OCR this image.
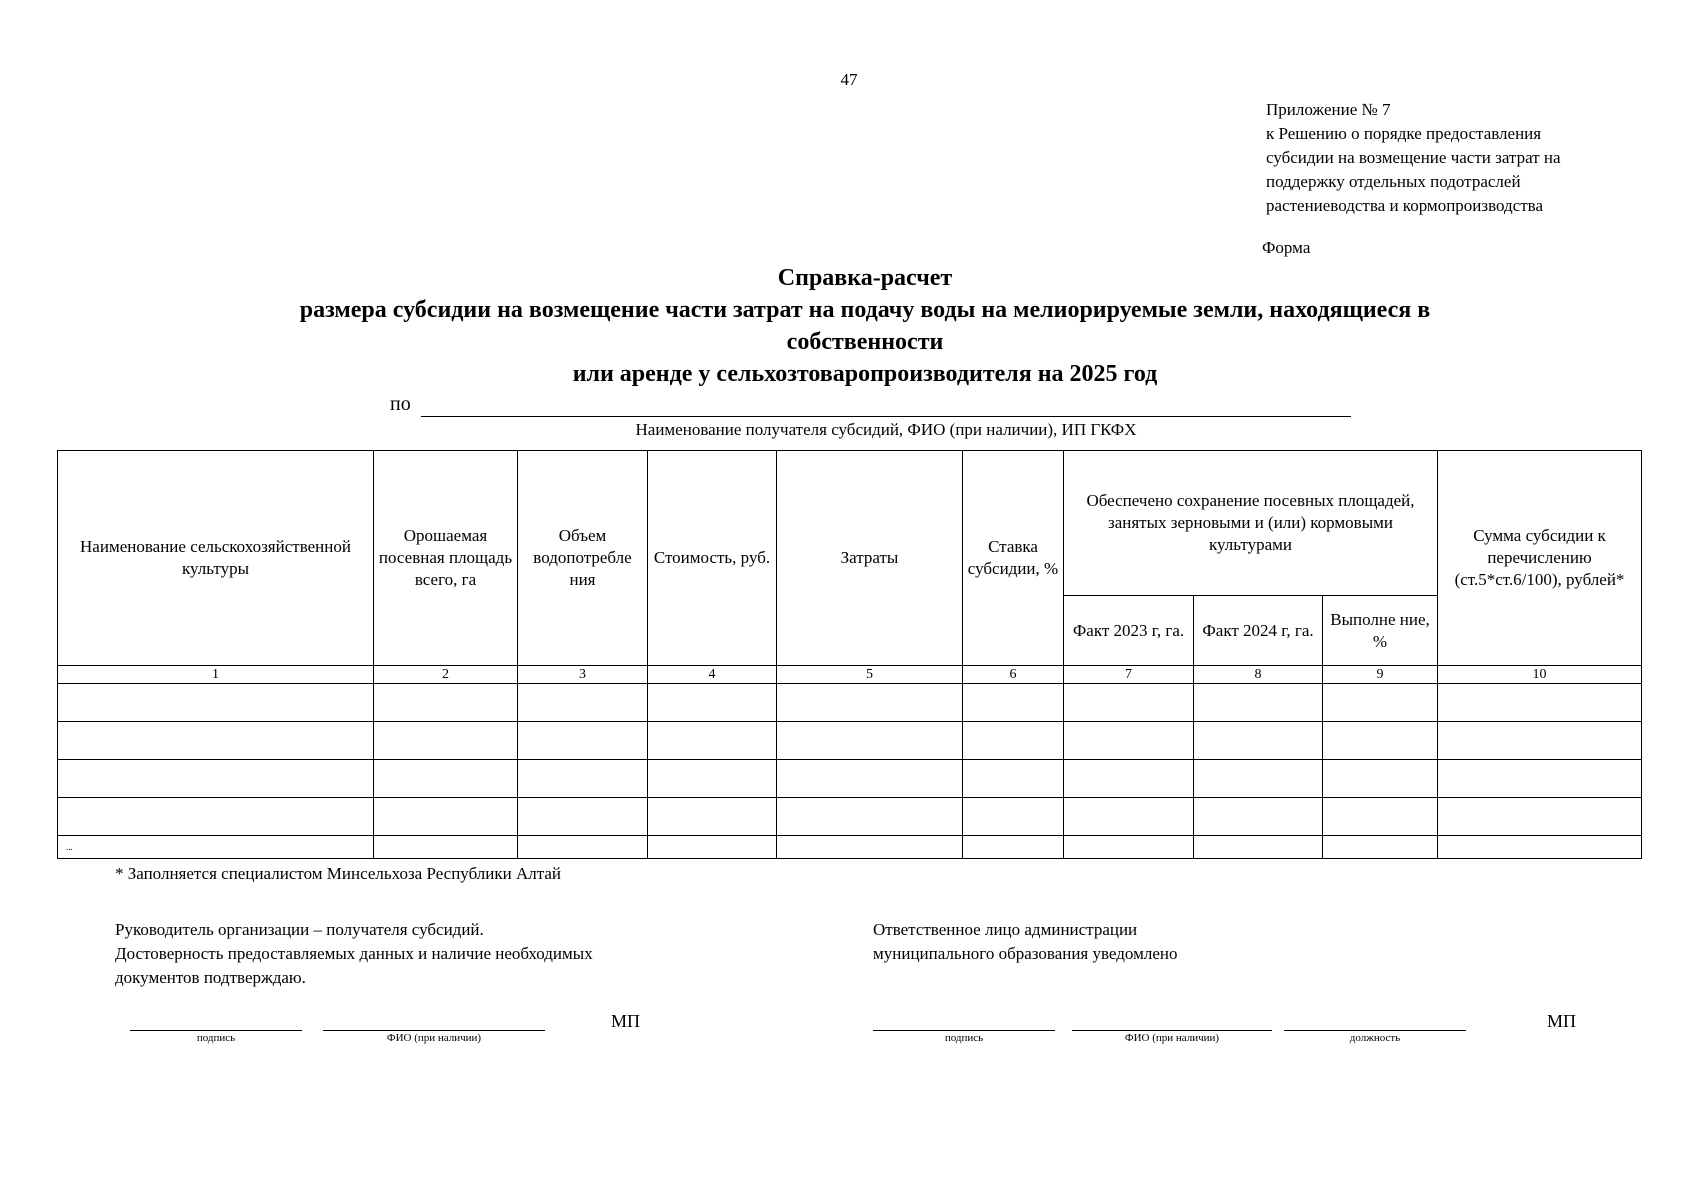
47
Приложение № 7
к Решению о порядке предоставления
субсидии на возмещение части затрат на
поддержку отдельных подотраслей
растениеводства и кормопроизводства
Форма
Справка-расчет
размера субсидии на возмещение части затрат на подачу воды на мелиорируемые земли, находящиеся в
собственности
или аренде у сельхозтоваропроизводителя на 2025 год
по
Наименование получателя субсидий, ФИО (при наличии), ИП ГКФХ
Наименование сельскохозяйственной культуры	Орошаемая посевная площадь всего, га	Объем водопотребле ния	Стоимость, руб.	Затраты	Ставка субсидии, %	Обеспечено сохранение посевных площадей, занятых зерновыми и (или) кормовыми культурами			Сумма субсидии к перечислению (ст.5*ст.6/100), рублей*
						Факт 2023 г, га.	Факт 2024 г, га.	Выполне ние, %	
1	2	3	4	5	6	7	8	9	10

...									
* Заполняется специалистом Минсельхоза Республики Алтай
Руководитель организации – получателя субсидий.
Достоверность предоставляемых данных и наличие необходимых
документов подтверждаю.
Ответственное лицо администрации
муниципального образования уведомлено
подпись	ФИО (при наличии)
МП
подпись	ФИО (при наличии)	должность
МП
